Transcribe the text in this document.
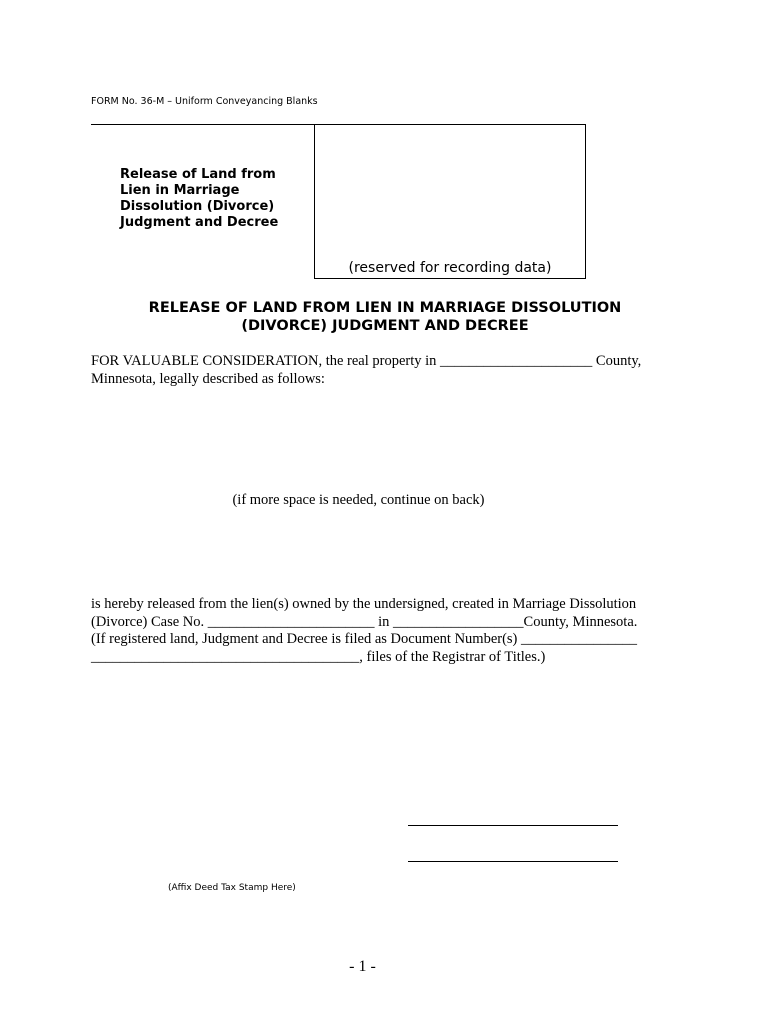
FORM No. 36-M – Uniform Conveyancing Blanks
Release of Land from
Lien in Marriage
Dissolution (Divorce)
Judgment and Decree
(reserved for recording data)
RELEASE OF LAND FROM LIEN IN MARRIAGE DISSOLUTION
(DIVORCE) JUDGMENT AND DECREE
FOR VALUABLE CONSIDERATION, the real property in _____________________ County,
Minnesota, legally described as follows:
(if more space is needed, continue on back)
is hereby released from the lien(s) owned by the undersigned, created in Marriage Dissolution
(Divorce) Case No. _______________________ in __________________County, Minnesota.
(If registered land, Judgment and Decree is filed as Document Number(s) ________________
_____________________________________, files of the Registrar of Titles.)
(Affix Deed Tax Stamp Here)
- 1 -
